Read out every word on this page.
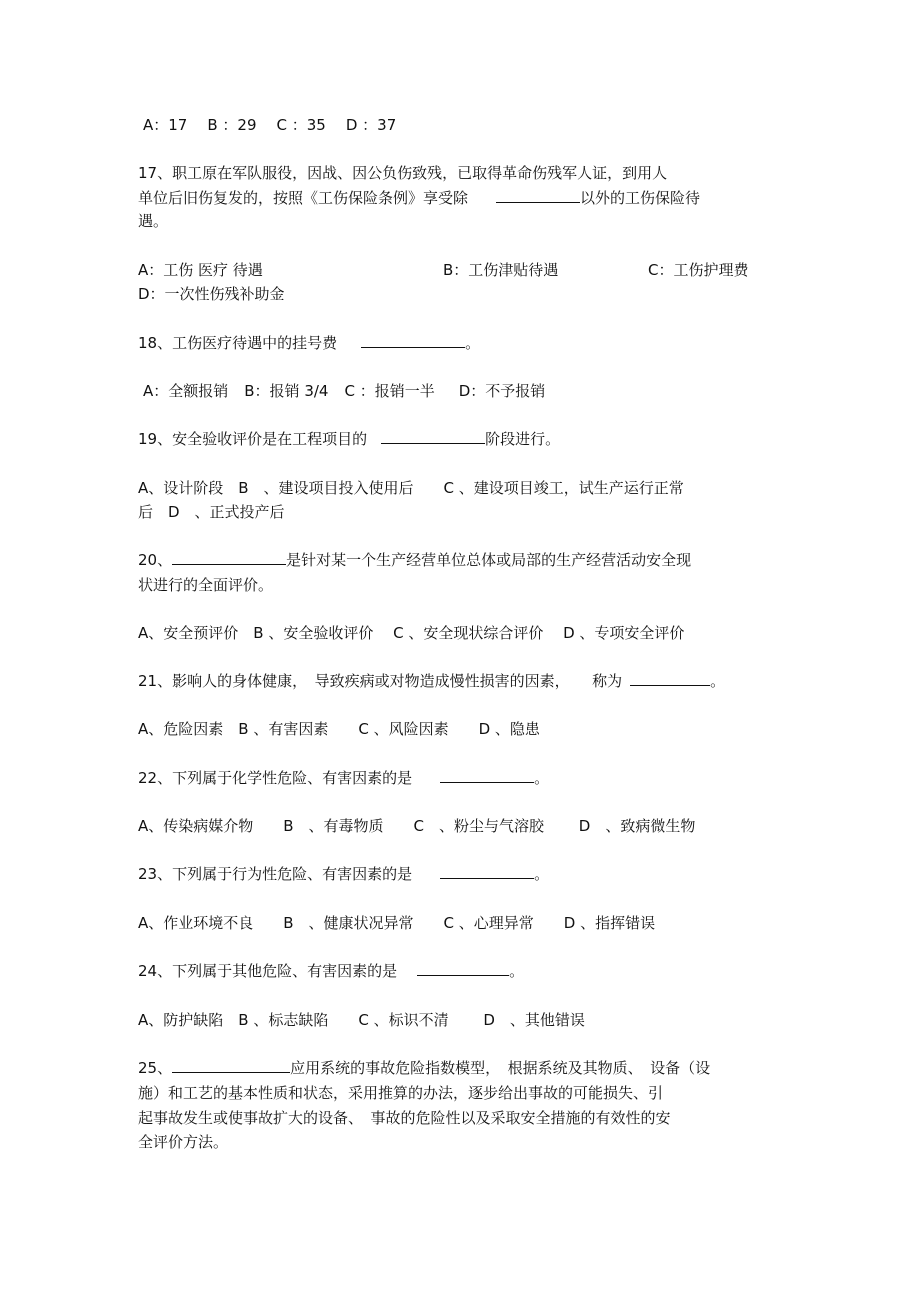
A：17 B ：29 C ：35 D ：37
17、职工原在军队服役，因战、因公负伤致残，已取得革命伤残军人证，到用人
单位后旧伤复发的，按照《工伤保险条例》享受除	以外的工伤保险待
遇。
A：工伤 医疗 待遇	B：工伤津贴待遇	C：工伤护理费
D：一次性伤残补助金
18、工伤医疗待遇中的挂号费	。
A：全额报销 B：报销 3/4 C ：报销一半 D：不予报销
19、安全验收评价是在工程项目的	阶段进行。
A、设计阶段　B　、建设项目投入使用后　　C 、建设项目竣工，试生产运行正常
后　D　、正式投产后
20、	是针对某一个生产经营单位总体或局部的生产经营活动安全现
状进行的全面评价。
A、安全预评价　B 、安全验收评价　 C 、安全现状综合评价　 D 、专项安全评价
21、影响人的身体健康，　导致疾病或对物造成慢性损害的因素，　　称为	。
A、危险因素　B 、有害因素　　C 、风险因素　　D 、隐患
22、下列属于化学性危险、有害因素的是	。
A、传染病媒介物　　B　、有毒物质　　C　、粉尘与气溶胶　　 D　、致病微生物
23、下列属于行为性危险、有害因素的是	。
A、作业环境不良　　B　、健康状况异常　　C 、心理异常　　D 、指挥错误
24、下列属于其他危险、有害因素的是	。
A、防护缺陷　B 、标志缺陷　　C 、标识不清　　 D　、其他错误
25、	应用系统的事故危险指数模型，　根据系统及其物质、　设备（设
施）和工艺的基本性质和状态，采用推算的办法，逐步给出事故的可能损失、引
起事故发生或使事故扩大的设备、　事故的危险性以及采取安全措施的有效性的安
全评价方法。
